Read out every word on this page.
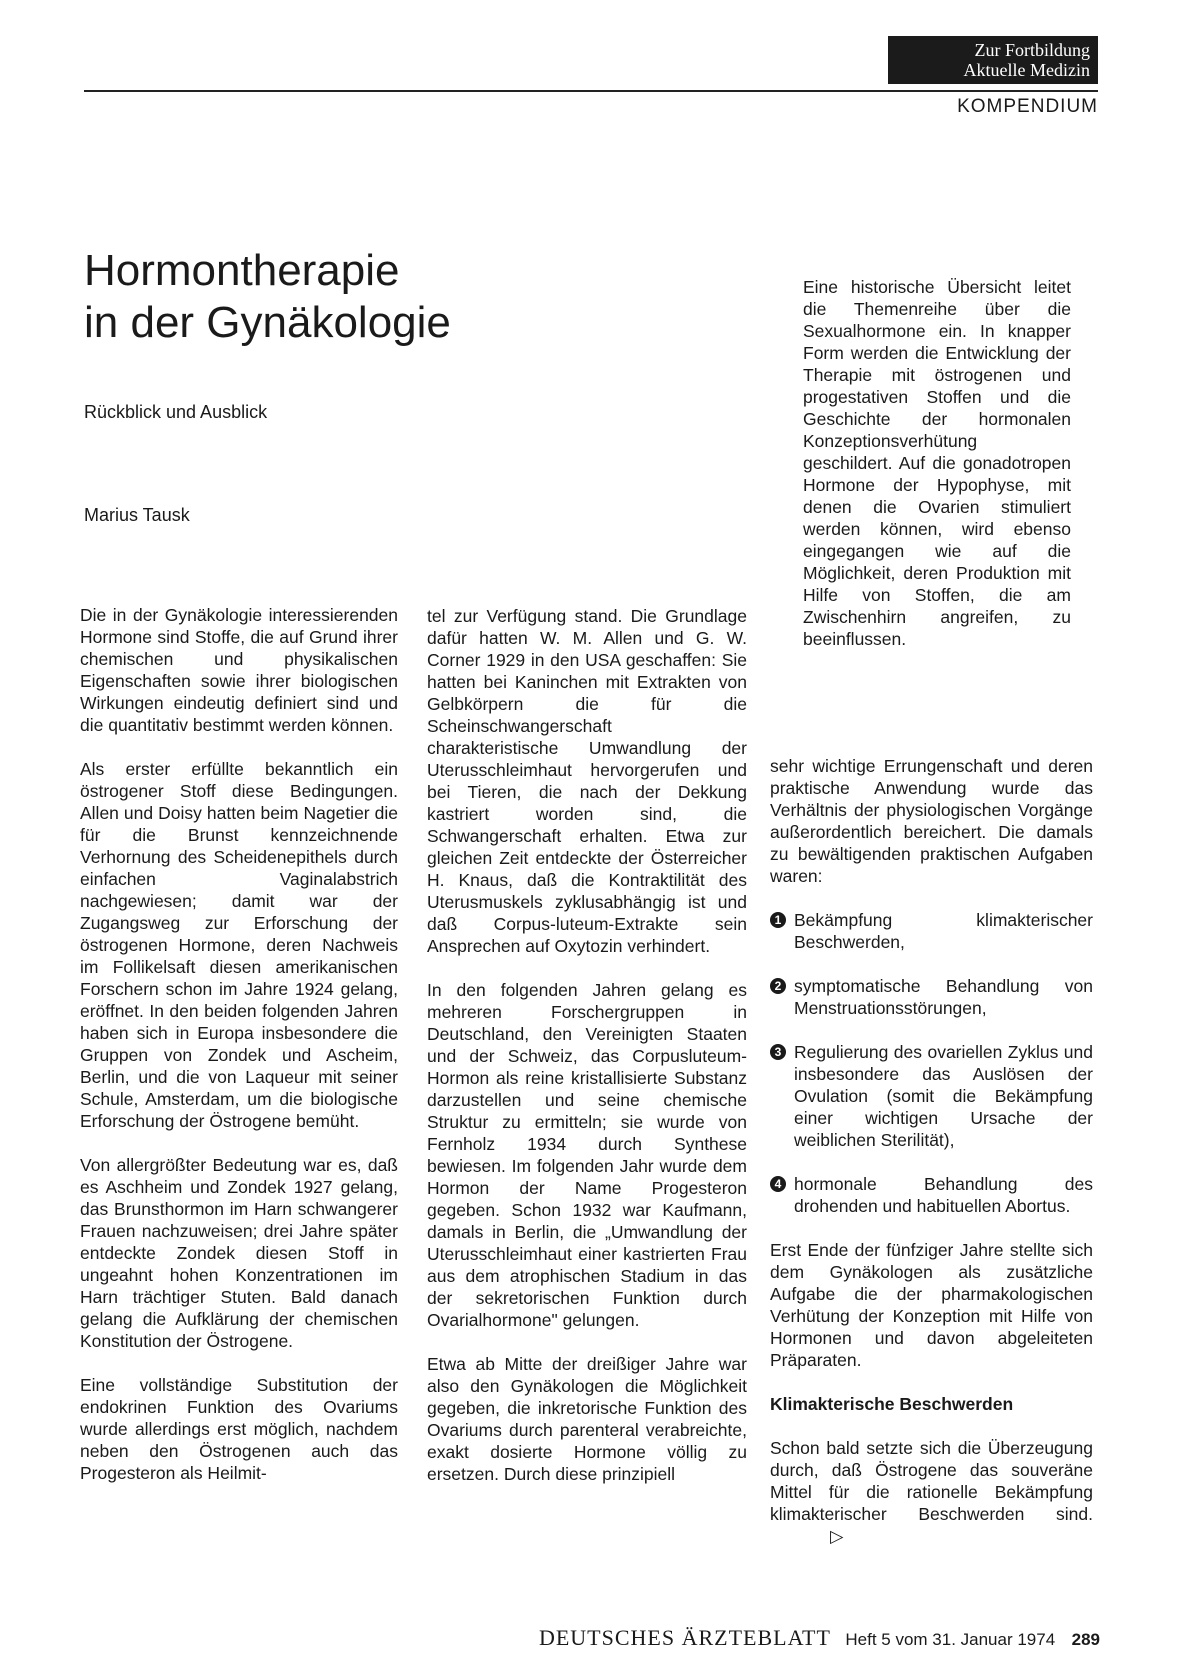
Zur Fortbildung
Aktuelle Medizin
KOMPENDIUM
Hormontherapie
in der Gynäkologie
Rückblick und Ausblick
Marius Tausk

Eine historische Übersicht leitet die Themenreihe über die Sexualhormone ein. In knapper Form werden die Entwicklung der Therapie mit östrogenen und progestativen Stoffen und die Geschichte der hormonalen Konzeptionsverhütung geschildert. Auf die gonadotropen Hormone der Hypophyse, mit denen die Ovarien stimuliert werden können, wird ebenso eingegangen wie auf die Möglichkeit, deren Produktion mit Hilfe von Stoffen, die am Zwischenhirn angreifen, zu beeinflussen.

Die in der Gynäkologie interessierenden Hormone sind Stoffe, die auf Grund ihrer chemischen und physikalischen Eigenschaften sowie ihrer biologischen Wirkungen eindeutig definiert sind und die quantitativ bestimmt werden können.

Als erster erfüllte bekanntlich ein östrogener Stoff diese Bedingungen. Allen und Doisy hatten beim Nagetier die für die Brunst kennzeichnende Verhornung des Scheidenepithels durch einfachen Vaginalabstrich nachgewiesen; damit war der Zugangsweg zur Erforschung der östrogenen Hormone, deren Nachweis im Follikelsaft diesen amerikanischen Forschern schon im Jahre 1924 gelang, eröffnet. In den beiden folgenden Jahren haben sich in Europa insbesondere die Gruppen von Zondek und Ascheim, Berlin, und die von Laqueur mit seiner Schule, Amsterdam, um die biologische Erforschung der Östrogene bemüht.

Von allergrößter Bedeutung war es, daß es Aschheim und Zondek 1927 gelang, das Brunsthormon im Harn schwangerer Frauen nachzuweisen; drei Jahre später entdeckte Zondek diesen Stoff in ungeahnt hohen Konzentrationen im Harn trächtiger Stuten. Bald danach gelang die Aufklärung der chemischen Konstitution der Östrogene.

Eine vollständige Substitution der endokrinen Funktion des Ovariums wurde allerdings erst möglich, nachdem neben den Östrogenen auch das Progesteron als Heilmit-

tel zur Verfügung stand. Die Grundlage dafür hatten W. M. Allen und G. W. Corner 1929 in den USA geschaffen: Sie hatten bei Kaninchen mit Extrakten von Gelbkörpern die für die Scheinschwangerschaft charakteristische Umwandlung der Uterusschleimhaut hervorgerufen und bei Tieren, die nach der Dekkung kastriert worden sind, die Schwangerschaft erhalten. Etwa zur gleichen Zeit entdeckte der Österreicher H. Knaus, daß die Kontraktilität des Uterusmuskels zyklusabhängig ist und daß Corpus-luteum-Extrakte sein Ansprechen auf Oxytozin verhindert.

In den folgenden Jahren gelang es mehreren Forschergruppen in Deutschland, den Vereinigten Staaten und der Schweiz, das Corpusluteum-Hormon als reine kristallisierte Substanz darzustellen und seine chemische Struktur zu ermitteln; sie wurde von Fernholz 1934 durch Synthese bewiesen. Im folgenden Jahr wurde dem Hormon der Name Progesteron gegeben. Schon 1932 war Kaufmann, damals in Berlin, die „Umwandlung der Uterusschleimhaut einer kastrierten Frau aus dem atrophischen Stadium in das der sekretorischen Funktion durch Ovarialhormone" gelungen.

Etwa ab Mitte der dreißiger Jahre war also den Gynäkologen die Möglichkeit gegeben, die inkretorische Funktion des Ovariums durch parenteral verabreichte, exakt dosierte Hormone völlig zu ersetzen. Durch diese prinzipiell

sehr wichtige Errungenschaft und deren praktische Anwendung wurde das Verhältnis der physiologischen Vorgänge außerordentlich bereichert. Die damals zu bewältigenden praktischen Aufgaben waren:

1 Bekämpfung klimakterischer Beschwerden,

2 symptomatische Behandlung von Menstruationsstörungen,

3 Regulierung des ovariellen Zyklus und insbesondere das Auslösen der Ovulation (somit die Bekämpfung einer wichtigen Ursache der weiblichen Sterilität),

4 hormonale Behandlung des drohenden und habituellen Abortus.

Erst Ende der fünfziger Jahre stellte sich dem Gynäkologen als zusätzliche Aufgabe die der pharmakologischen Verhütung der Konzeption mit Hilfe von Hormonen und davon abgeleiteten Präparaten.

Klimakterische Beschwerden

Schon bald setzte sich die Überzeugung durch, daß Östrogene das souveräne Mittel für die rationelle Bekämpfung klimakterischer Beschwerden sind.▷

DEUTSCHES ÄRZTEBLATT Heft 5 vom 31. Januar 1974 289
